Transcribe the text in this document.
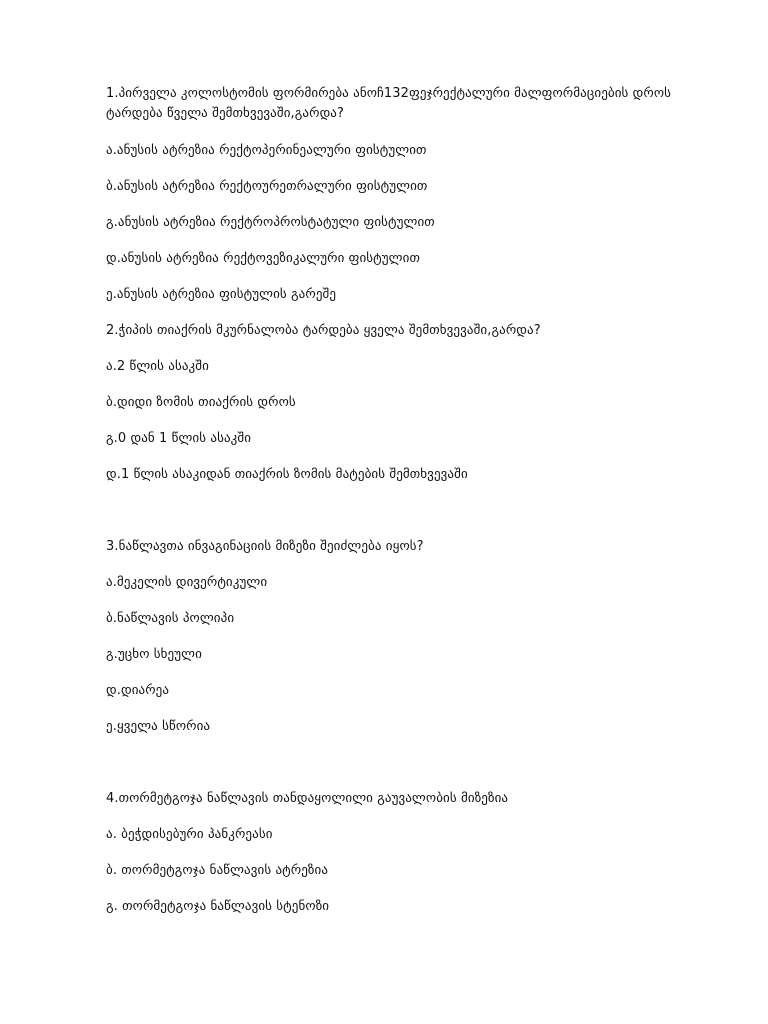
1.პირველა კოლოსტომის ფორმირება ანოჩ132ფეჯრექტალური მალფორმაციების დროს ტარდება წველა შემთხვევაში,გარდა?
ა.ანუსის ატრეზია რექტოპერინეალური ფისტულით
ბ.ანუსის ატრეზია რექტოურეთრალური ფისტულით
გ.ანუსის ატრეზია რექტროპროსტატული ფისტულით
დ.ანუსის ატრეზია რექტოვეზიკალური ფისტულით
ე.ანუსის ატრეზია ფისტულის გარეშე
2.ჭიპის თიაქრის მკურნალობა ტარდება ყველა შემთხვევაში,გარდა?
ა.2 წლის ასაკში
ბ.დიდი ზომის თიაქრის დროს
გ.0 დან 1 წლის ასაკში
დ.1 წლის ასაკიდან თიაქრის ზომის მატების შემთხვევაში
3.ნაწლავთა ინვაგინაციის მიზეზი შეიძლება იყოს?
ა.მეკელის დივერტიკული
ბ.ნაწლავის პოლიპი
გ.უცხო სხეული
დ.დიარეა
ე.ყველა სწორია
4.თორმეტგოჯა ნაწლავის თანდაყოლილი გაუვალობის მიზეზია
ა. ბეჭდისებური პანკრეასი
ბ. თორმეტგოჯა ნაწლავის ატრეზია
გ. თორმეტგოჯა ნაწლავის სტენოზი
